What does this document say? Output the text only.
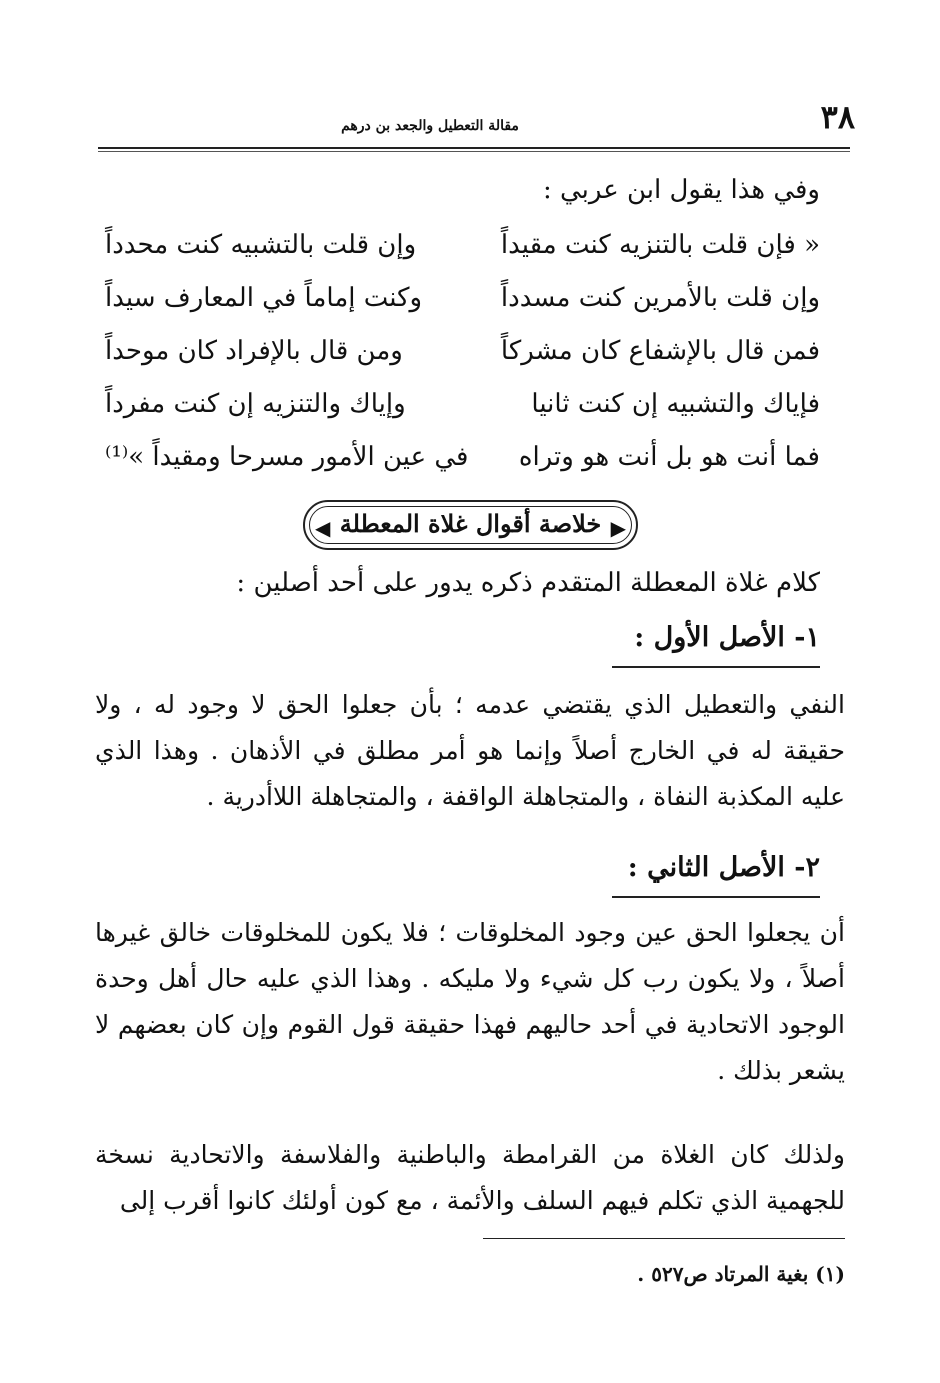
٣٨
مقالة التعطيل والجعد بن درهم
وفي هذا يقول ابن عربي :
« فإن قلت بالتنزيه كنت مقيداً
وإن قلت بالتشبيه كنت محدداً
وإن قلت بالأمرين كنت مسدداً
وكنت إماماً في المعارف سيداً
فمن قال بالإشفاع كان مشركاً
ومن قال بالإفراد كان موحداً
فإياك والتشبيه إن كنت ثانيا
وإياك والتنزيه إن كنت مفرداً
فما أنت هو بل أنت هو وتراه
في عين الأمور مسرحا ومقيداً »⁽¹⁾
◀	▶
خلاصة أقوال غلاة المعطلة
كلام غلاة المعطلة المتقدم ذكره يدور على أحد أصلين :
١- الأصل الأول :
النفي والتعطيل الذي يقتضي عدمه ؛ بأن جعلوا الحق لا وجود له ، ولا حقيقة له في الخارج أصلاً وإنما هو أمر مطلق في الأذهان . وهذا الذي عليه المكذبة النفاة ، والمتجاهلة الواقفة ، والمتجاهلة اللاأدرية .
٢- الأصل الثاني :
أن يجعلوا الحق عين وجود المخلوقات ؛ فلا يكون للمخلوقات خالق غيرها أصلاً ، ولا يكون رب كل شيء ولا مليكه . وهذا الذي عليه حال أهل وحدة الوجود الاتحادية في أحد حاليهم فهذا حقيقة قول القوم وإن كان بعضهم لا يشعر بذلك .
ولذلك كان الغلاة من القرامطة والباطنية والفلاسفة والاتحادية نسخة للجهمية الذي تكلم فيهم السلف والأئمة ، مع كون أولئك كانوا أقرب إلى
(١) بغية المرتاد ص٥٢٧ .
